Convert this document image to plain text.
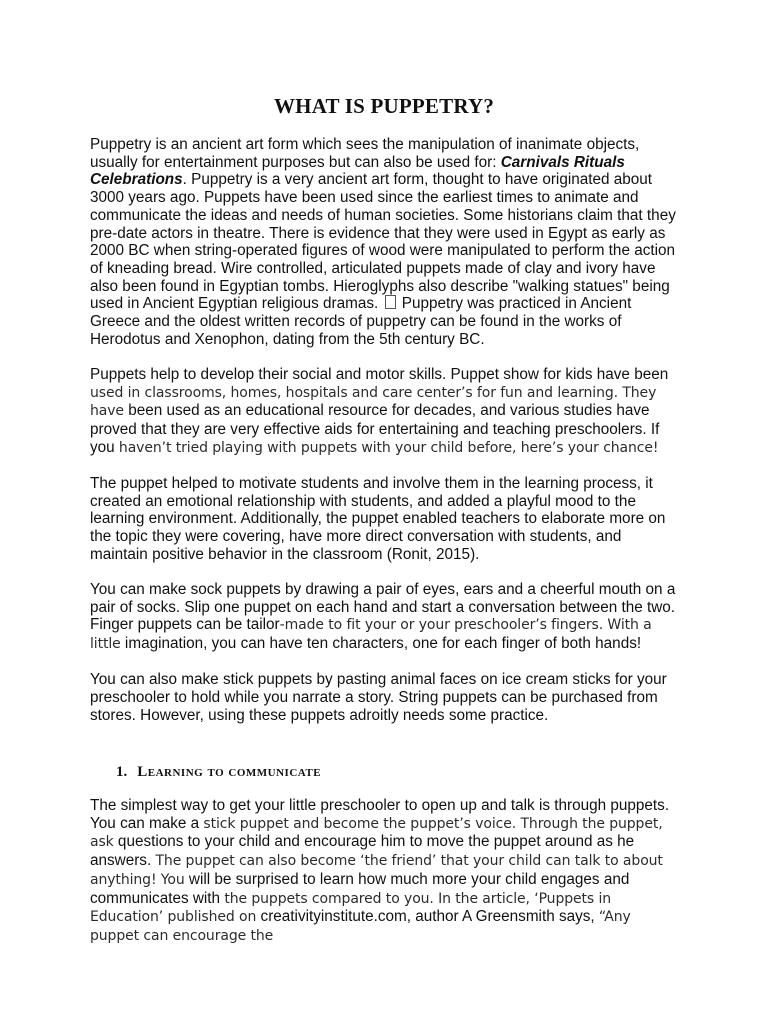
WHAT IS PUPPETRY?

Puppetry is an ancient art form which sees the manipulation of inanimate objects, usually for entertainment purposes but can also be used for: Carnivals Rituals Celebrations. Puppetry is a very ancient art form, thought to have originated about 3000 years ago. Puppets have been used since the earliest times to animate and communicate the ideas and needs of human societies. Some historians claim that they pre-date actors in theatre. There is evidence that they were used in Egypt as early as 2000 BC when string-operated figures of wood were manipulated to perform the action of kneading bread. Wire controlled, articulated puppets made of clay and ivory have also been found in Egyptian tombs. Hieroglyphs also describe "walking statues" being used in Ancient Egyptian religious dramas.  Puppetry was practiced in Ancient Greece and the oldest written records of puppetry can be found in the works of Herodotus and Xenophon, dating from the 5th century BC.

Puppets help to develop their social and motor skills. Puppet show for kids have been used in classrooms, homes, hospitals and care center’s for fun and learning. They have been used as an educational resource for decades, and various studies have proved that they are very effective aids for entertaining and teaching preschoolers. If you haven’t tried playing with puppets with your child before, here’s your chance!

The puppet helped to motivate students and involve them in the learning process, it created an emotional relationship with students, and added a playful mood to the learning environment. Additionally, the puppet enabled teachers to elaborate more on the topic they were covering, have more direct conversation with students, and maintain positive behavior in the classroom (Ronit, 2015).

You can make sock puppets by drawing a pair of eyes, ears and a cheerful mouth on a pair of socks. Slip one puppet on each hand and start a conversation between the two. Finger puppets can be tailor-made to fit your or your preschooler’s fingers. With a little imagination, you can have ten characters, one for each finger of both hands!

You can also make stick puppets by pasting animal faces on ice cream sticks for your preschooler to hold while you narrate a story. String puppets can be purchased from stores. However, using these puppets adroitly needs some practice.

1. Learning to communicate

The simplest way to get your little preschooler to open up and talk is through puppets. You can make a stick puppet and become the puppet’s voice. Through the puppet, ask questions to your child and encourage him to move the puppet around as he answers. The puppet can also become ‘the friend’ that your child can talk to about anything! You will be surprised to learn how much more your child engages and communicates with the puppets compared to you. In the article, ‘Puppets in Education’ published on creativityinstitute.com, author A Greensmith says, “Any puppet can encourage the
